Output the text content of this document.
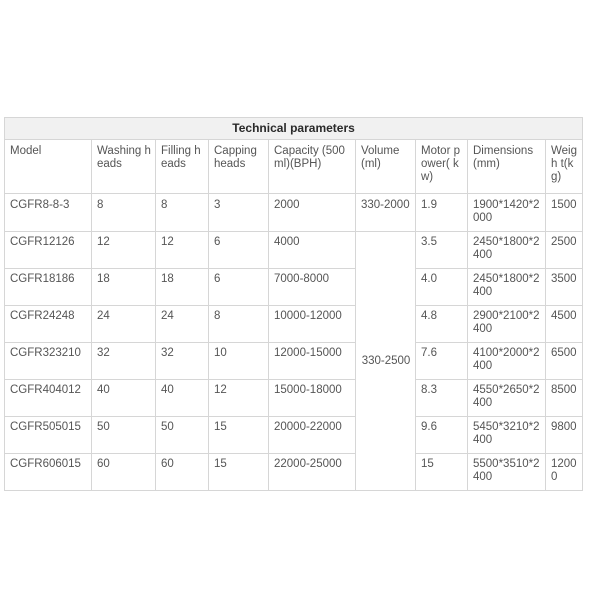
Technical parameters								
Model	Washing heads	Filling heads	Capping heads	Capacity (500ml)(BPH)	Volume (ml)	Motor power( kw)	Dimensions (mm)	Weigh t(kg)
CGFR8-8-3	8	8	3	2000	330-2000	1.9	1900*1420*2000	1500
CGFR12126	12	12	6	4000	330-2500	3.5	2450*1800*2400	2500
CGFR18186	18	18	6	7000-8000		4.0	2450*1800*2400	3500
CGFR24248	24	24	8	10000-12000		4.8	2900*2100*2400	4500
CGFR323210	32	32	10	12000-15000		7.6	4100*2000*2400	6500
CGFR404012	40	40	12	15000-18000		8.3	4550*2650*2400	8500
CGFR505015	50	50	15	20000-22000		9.6	5450*3210*2400	9800
CGFR606015	60	60	15	22000-25000		15	5500*3510*2400	12000
